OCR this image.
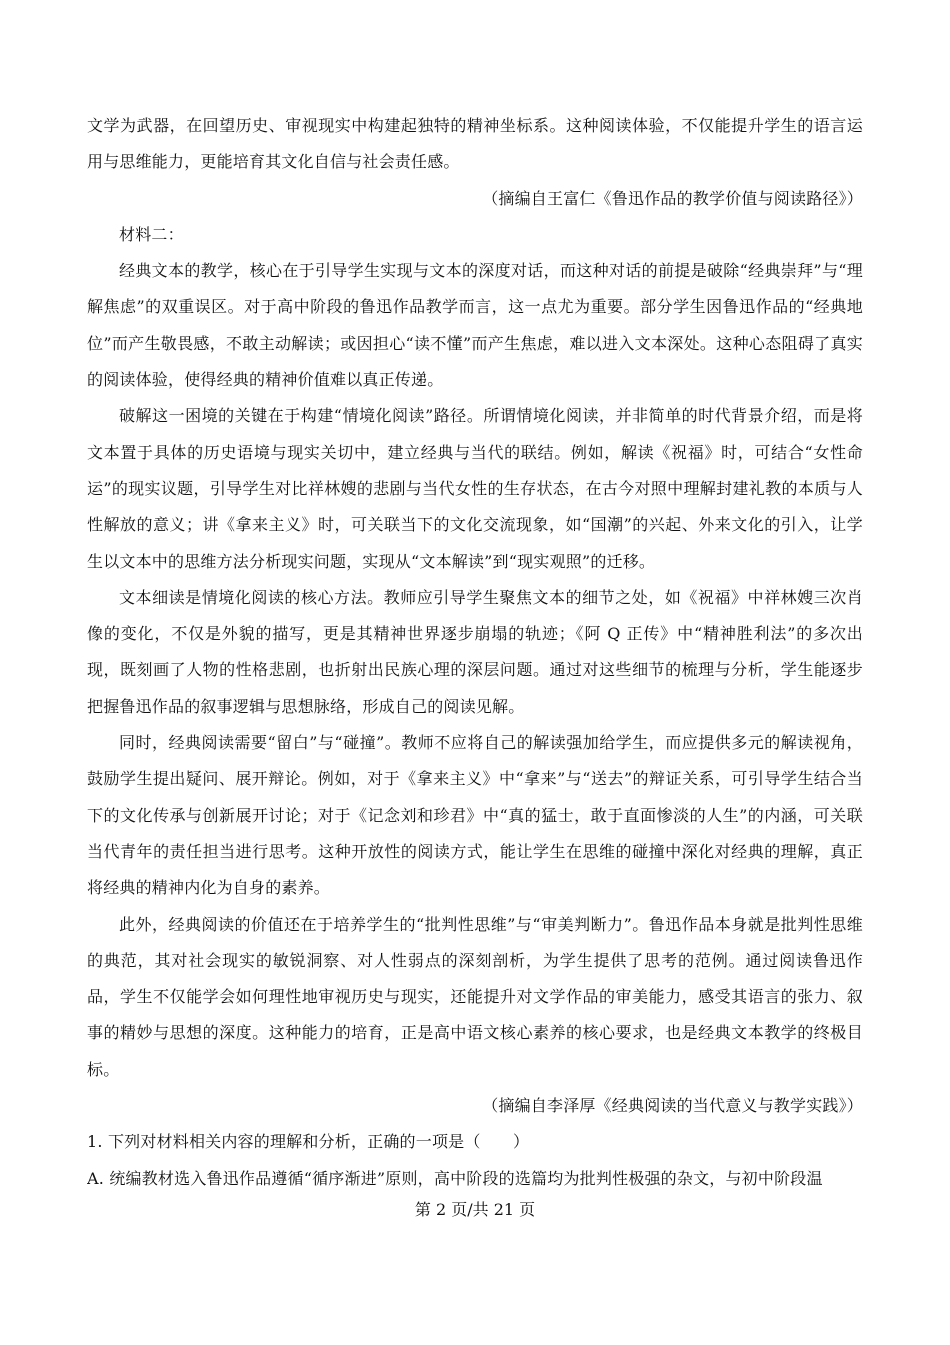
文学为武器，在回望历史、审视现实中构建起独特的精神坐标系。这种阅读体验，不仅能提升学生的语言运用与思维能力，更能培育其文化自信与社会责任感。

（摘编自王富仁《鲁迅作品的教学价值与阅读路径》）

材料二：

经典文本的教学，核心在于引导学生实现与文本的深度对话，而这种对话的前提是破除“经典崇拜”与“理解焦虑”的双重误区。对于高中阶段的鲁迅作品教学而言，这一点尤为重要。部分学生因鲁迅作品的“经典地位”而产生敬畏感，不敢主动解读；或因担心“读不懂”而产生焦虑，难以进入文本深处。这种心态阻碍了真实的阅读体验，使得经典的精神价值难以真正传递。

破解这一困境的关键在于构建“情境化阅读”路径。所谓情境化阅读，并非简单的时代背景介绍，而是将文本置于具体的历史语境与现实关切中，建立经典与当代的联结。例如，解读《祝福》时，可结合“女性命运”的现实议题，引导学生对比祥林嫂的悲剧与当代女性的生存状态，在古今对照中理解封建礼教的本质与人性解放的意义；讲《拿来主义》时，可关联当下的文化交流现象，如“国潮”的兴起、外来文化的引入，让学生以文本中的思维方法分析现实问题，实现从“文本解读”到“现实观照”的迁移。

文本细读是情境化阅读的核心方法。教师应引导学生聚焦文本的细节之处，如《祝福》中祥林嫂三次肖像的变化，不仅是外貌的描写，更是其精神世界逐步崩塌的轨迹；《阿 Q 正传》中“精神胜利法”的多次出现，既刻画了人物的性格悲剧，也折射出民族心理的深层问题。通过对这些细节的梳理与分析，学生能逐步把握鲁迅作品的叙事逻辑与思想脉络，形成自己的阅读见解。

同时，经典阅读需要“留白”与“碰撞”。教师不应将自己的解读强加给学生，而应提供多元的解读视角，鼓励学生提出疑问、展开辩论。例如，对于《拿来主义》中“拿来”与“送去”的辩证关系，可引导学生结合当下的文化传承与创新展开讨论；对于《记念刘和珍君》中“真的猛士，敢于直面惨淡的人生”的内涵，可关联当代青年的责任担当进行思考。这种开放性的阅读方式，能让学生在思维的碰撞中深化对经典的理解，真正将经典的精神内化为自身的素养。

此外，经典阅读的价值还在于培养学生的“批判性思维”与“审美判断力”。鲁迅作品本身就是批判性思维的典范，其对社会现实的敏锐洞察、对人性弱点的深刻剖析，为学生提供了思考的范例。通过阅读鲁迅作品，学生不仅能学会如何理性地审视历史与现实，还能提升对文学作品的审美能力，感受其语言的张力、叙事的精妙与思想的深度。这种能力的培育，正是高中语文核心素养的核心要求，也是经典文本教学的终极目标。

（摘编自李泽厚《经典阅读的当代意义与教学实践》）

1. 下列对材料相关内容的理解和分析，正确的一项是（　　）

A. 统编教材选入鲁迅作品遵循“循序渐进”原则，高中阶段的选篇均为批判性极强的杂文，与初中阶段温

第 2 页/共 21 页
